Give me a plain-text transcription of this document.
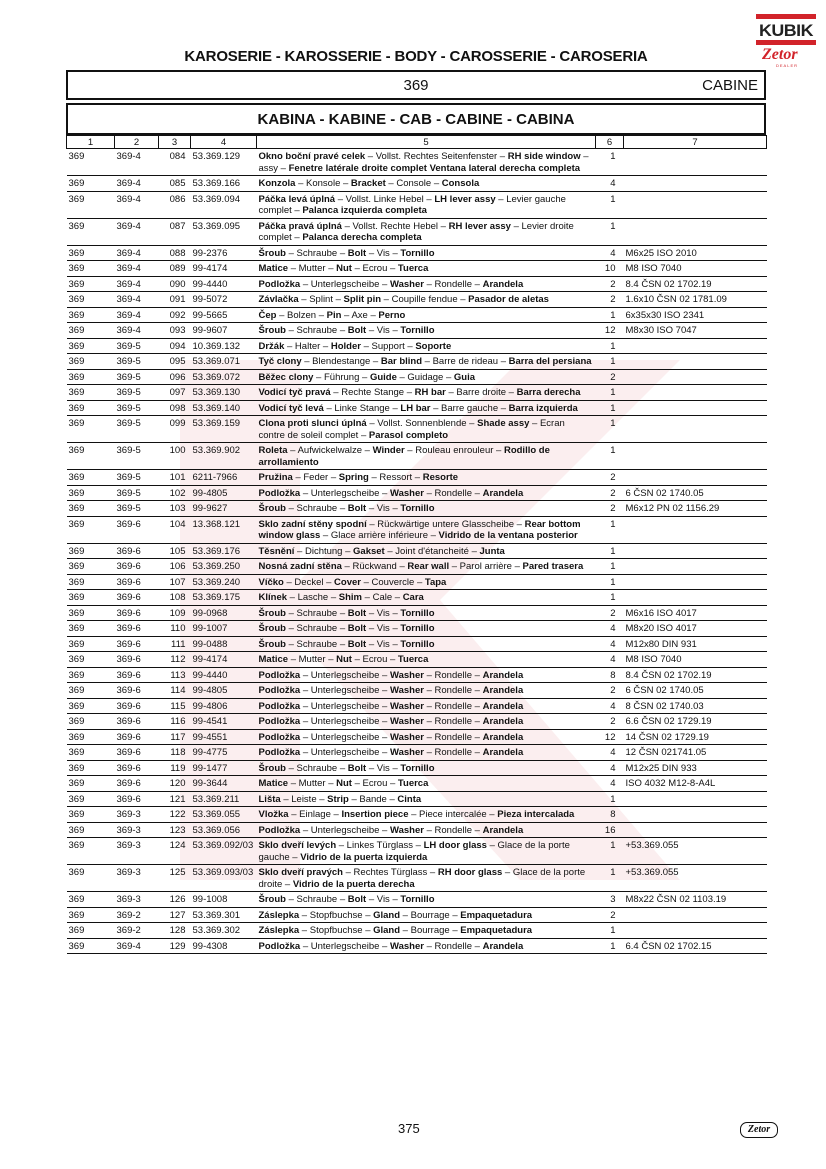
KUBIK
Zetor
DEALER
KAROSERIE - KAROSSERIE - BODY - CAROSSERIE - CAROSERIA
369	CABINE
KABINA - KABINE - CAB - CABINE - CABINA
1	2	3	4	5	6	7
369	369-4	084	53.369.129	Okno boční pravé celek – Vollst. Rechtes Seitenfenster – RH side window – assy – Fenetre latérale droite complet Ventana lateral derecha completa	1	
369	369-4	085	53.369.166	Konzola – Konsole – Bracket – Console – Consola	4	
369	369-4	086	53.369.094	Páčka levá úplná – Vollst. Linke Hebel – LH lever assy – Levier gauche complet – Palanca izquierda completa	1	
369	369-4	087	53.369.095	Páčka pravá úplná – Vollst. Rechte Hebel – RH lever assy – Levier droite complet – Palanca derecha completa	1	
369	369-4	088	99-2376	Šroub – Schraube – Bolt – Vis – Tornillo	4	M6x25 ISO 2010
369	369-4	089	99-4174	Matice – Mutter – Nut – Ecrou – Tuerca	10	M8 ISO 7040
369	369-4	090	99-4440	Podložka – Unterlegscheibe – Washer – Rondelle – Arandela	2	8.4 ČSN 02 1702.19
369	369-4	091	99-5072	Závlačka – Splint – Split pin – Coupille fendue – Pasador de aletas	2	1.6x10 ČSN 02 1781.09
369	369-4	092	99-5665	Čep – Bolzen – Pin – Axe – Perno	1	6x35x30 ISO 2341
369	369-4	093	99-9607	Šroub – Schraube – Bolt – Vis – Tornillo	12	M8x30 ISO 7047
369	369-5	094	10.369.132	Držák – Halter – Holder – Support – Soporte	1	
369	369-5	095	53.369.071	Tyč clony – Blendestange – Bar blind – Barre de rideau – Barra del persiana	1	
369	369-5	096	53.369.072	Běžec clony – Führung – Guide – Guidage – Guia	2	
369	369-5	097	53.369.130	Vodicí tyč pravá – Rechte Stange – RH bar – Barre droite – Barra derecha	1	
369	369-5	098	53.369.140	Vodicí tyč levá – Linke Stange – LH bar – Barre gauche – Barra izquierda	1	
369	369-5	099	53.369.159	Clona proti slunci úplná – Vollst. Sonnenblende – Shade assy – Ecran contre de soleil complet – Parasol completo	1	
369	369-5	100	53.369.902	Roleta – Aufwickelwalze – Winder – Rouleau enrouleur – Rodillo de arrollamiento	1	
369	369-5	101	6211-7966	Pružina – Feder – Spring – Ressort – Resorte	2	
369	369-5	102	99-4805	Podložka – Unterlegscheibe – Washer – Rondelle – Arandela	2	6 ČSN 02 1740.05
369	369-5	103	99-9627	Šroub – Schraube – Bolt – Vis – Tornillo	2	M6x12 PN 02 1156.29
369	369-6	104	13.368.121	Sklo zadní stěny spodní – Rückwärtige untere Glasscheibe – Rear bottom window glass – Glace arrière inférieure – Vidrido de la ventana posterior	1	
369	369-6	105	53.369.176	Těsnění – Dichtung – Gakset – Joint d'étancheité – Junta	1	
369	369-6	106	53.369.250	Nosná zadní stěna – Rückwand – Rear wall – Parol arrière – Pared trasera	1	
369	369-6	107	53.369.240	Víčko – Deckel – Cover – Couvercle – Tapa	1	
369	369-6	108	53.369.175	Klínek – Lasche – Shim – Cale – Cara	1	
369	369-6	109	99-0968	Šroub – Schraube – Bolt – Vis – Tornillo	2	M6x16 ISO 4017
369	369-6	110	99-1007	Šroub – Schraube – Bolt – Vis – Tornillo	4	M8x20 ISO 4017
369	369-6	111	99-0488	Šroub – Schraube – Bolt – Vis – Tornillo	4	M12x80 DIN 931
369	369-6	112	99-4174	Matice – Mutter – Nut – Ecrou – Tuerca	4	M8 ISO 7040
369	369-6	113	99-4440	Podložka – Unterlegscheibe – Washer – Rondelle – Arandela	8	8.4 ČSN 02 1702.19
369	369-6	114	99-4805	Podložka – Unterlegscheibe – Washer – Rondelle – Arandela	2	6 ČSN 02 1740.05
369	369-6	115	99-4806	Podložka – Unterlegscheibe – Washer – Rondelle – Arandela	4	8 ČSN 02 1740.03
369	369-6	116	99-4541	Podložka – Unterlegscheibe – Washer – Rondelle – Arandela	2	6.6 ČSN 02 1729.19
369	369-6	117	99-4551	Podložka – Unterlegscheibe – Washer – Rondelle – Arandela	12	14 ČSN 02 1729.19
369	369-6	118	99-4775	Podložka – Unterlegscheibe – Washer – Rondelle – Arandela	4	12 ČSN 021741.05
369	369-6	119	99-1477	Šroub – Schraube – Bolt – Vis – Tornillo	4	M12x25 DIN 933
369	369-6	120	99-3644	Matice – Mutter – Nut – Ecrou – Tuerca	4	ISO 4032 M12-8-A4L
369	369-6	121	53.369.211	Lišta – Leiste – Strip – Bande – Cinta	1	
369	369-3	122	53.369.055	Vložka – Einlage – Insertion piece – Piece intercalée – Pieza intercalada	8	
369	369-3	123	53.369.056	Podložka – Unterlegscheibe – Washer – Rondelle – Arandela	16	
369	369-3	124	53.369.092/03	Sklo dveří levých – Linkes Türglass – LH door glass – Glace de la porte gauche – Vidrio de la puerta izquierda	1	+53.369.055
369	369-3	125	53.369.093/03	Sklo dveří pravých – Rechtes Türglass – RH door glass – Glace de la porte droite – Vidrio de la puerta derecha	1	+53.369.055
369	369-3	126	99-1008	Šroub – Schraube – Bolt – Vis – Tornillo	3	M8x22 ČSN 02 1103.19
369	369-2	127	53.369.301	Záslepka – Stopfbuchse – Gland – Bourrage – Empaquetadura	2	
369	369-2	128	53.369.302	Záslepka – Stopfbuchse – Gland – Bourrage – Empaquetadura	1	
369	369-4	129	99-4308	Podložka – Unterlegscheibe – Washer – Rondelle – Arandela	1	6.4 ČSN 02 1702.15
375	Zetor
